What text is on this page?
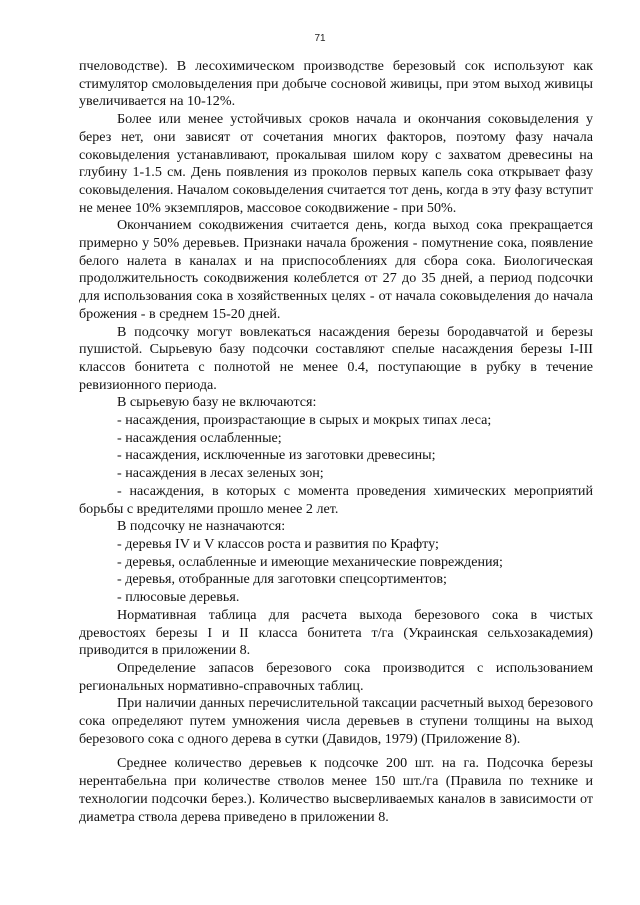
71

пчеловодстве). В лесохимическом производстве березовый сок используют как стимулятор смоловыделения при добыче сосновой живицы, при этом выход живицы увеличивается на 10-12%.

Более или менее устойчивых сроков начала и окончания соковыделения у берез нет, они зависят от сочетания многих факторов, поэтому фазу начала соковыделения устанавливают, прокалывая шилом кору с захватом древесины на глубину 1-1.5 см. День появления из проколов первых капель сока открывает фазу соковыделения. Началом соковыделения считается тот день, когда в эту фазу вступит не менее 10% экземпляров, массовое сокодвижение - при 50%.

Окончанием сокодвижения считается день, когда выход сока прекращается примерно у 50% деревьев. Признаки начала брожения - помутнение сока, появление белого налета в каналах и на приспособлениях для сбора сока. Биологическая продолжительность сокодвижения колеблется от 27 до 35 дней, а период подсочки для использования сока в хозяйственных целях - от начала соковыделения до начала брожения - в среднем 15-20 дней.

В подсочку могут вовлекаться насаждения березы бородавчатой и березы пушистой. Сырьевую базу подсочки составляют спелые насаждения березы I-III классов бонитета с полнотой не менее 0.4, поступающие в рубку в течение ревизионного периода.

В сырьевую базу не включаются:

- насаждения, произрастающие в сырых и мокрых типах леса;

- насаждения ослабленные;

- насаждения, исключенные из заготовки древесины;

- насаждения в лесах зеленых зон;

- насаждения, в которых с момента проведения химических мероприятий борьбы с вредителями прошло менее 2 лет.

В подсочку не назначаются:

- деревья IV и V классов роста и развития по Крафту;

- деревья, ослабленные и имеющие механические повреждения;

- деревья, отобранные для заготовки спецсортиментов;

- плюсовые деревья.

Нормативная таблица для расчета выхода березового сока в чистых древостоях березы I и II класса бонитета т/га (Украинская сельхозакадемия) приводится в приложении 8.

Определение запасов березового сока производится с использованием региональных нормативно-справочных таблиц.

При наличии данных перечислительной таксации расчетный выход березового сока определяют путем умножения числа деревьев в ступени толщины на выход березового сока с одного дерева в сутки (Давидов, 1979) (Приложение 8).

Среднее количество деревьев к подсочке 200 шт. на га. Подсочка березы нерентабельна при количестве стволов менее 150 шт./га (Правила по технике и технологии подсочки берез.). Количество высверливаемых каналов в зависимости от диаметра ствола дерева приведено в приложении 8.
